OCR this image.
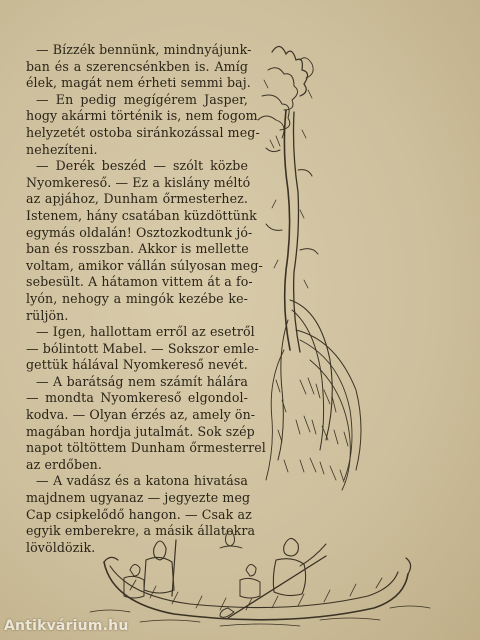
— Bízzék bennünk, mindnyájunk-
ban és a szerencsénkben is. Amíg
élek, magát nem érheti semmi baj.
— En pedig megígérem Jasper,
hogy akármi történik is, nem fogom
helyzetét ostoba siránkozással meg-
nehezíteni.
— Derék beszéd — szólt közbe
Nyomkereső. — Ez a kislány méltó
az apjához, Dunham őrmesterhez.
Istenem, hány csatában küzdöttünk
egymás oldalán! Osztozkodtunk jó-
ban és rosszban. Akkor is mellette
voltam, amikor vállán súlyosan meg-
sebesült. A hátamon vittem át a fo-
lyón, nehogy a mingók kezébe ke-
rüljön.
— Igen, hallottam erről az esetről
— bólintott Mabel. — Sokszor emle-
gettük hálával Nyomkereső nevét.
— A barátság nem számít hálára
— mondta Nyomkereső elgondol-
kodva. — Olyan érzés az, amely ön-
magában hordja jutalmát. Sok szép
napot töltöttem Dunham őrmesterrel
az erdőben.
— A vadász és a katona hivatása
majdnem ugyanaz — jegyezte meg
Cap csipkelődő hangon. — Csak az
egyik emberekre, a másik állatokra
lövöldözik.
Antikvárium.hu
